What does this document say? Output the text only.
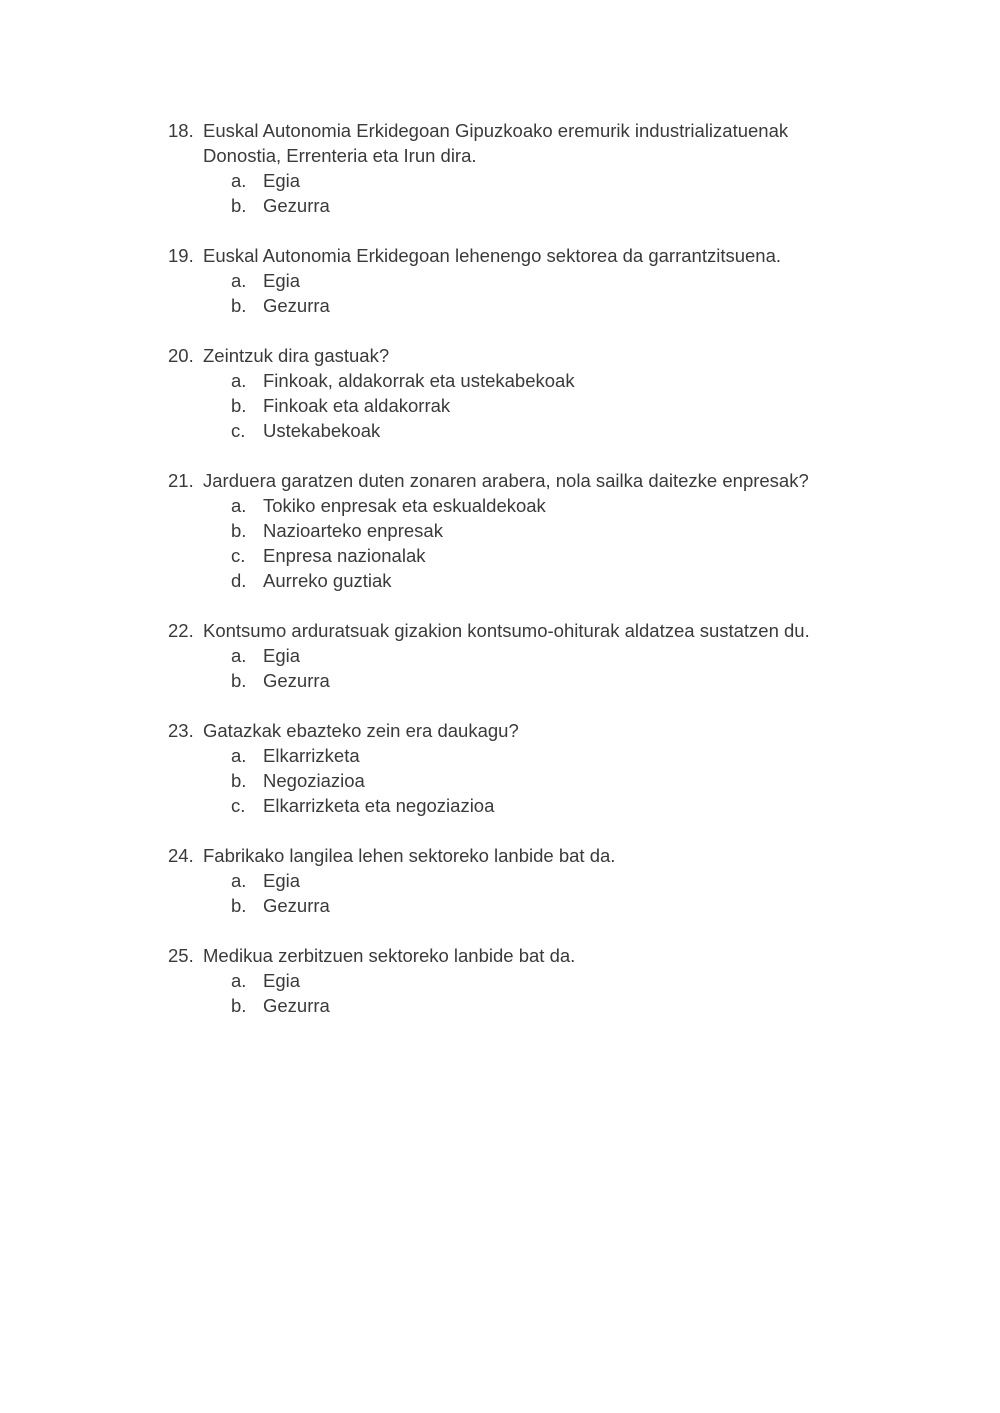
18. Euskal Autonomia Erkidegoan Gipuzkoako eremurik industrializatuenak Donostia, Errenteria eta Irun dira.
a. Egia
b. Gezurra
19. Euskal Autonomia Erkidegoan lehenengo sektorea da garrantzitsuena.
a. Egia
b. Gezurra
20. Zeintzuk dira gastuak?
a. Finkoak, aldakorrak eta ustekabekoak
b. Finkoak eta aldakorrak
c. Ustekabekoak
21. Jarduera garatzen duten zonaren arabera, nola sailka daitezke enpresak?
a. Tokiko enpresak eta eskualdekoak
b. Nazioarteko enpresak
c. Enpresa nazionalak
d. Aurreko guztiak
22. Kontsumo arduratsuak gizakion kontsumo-ohiturak aldatzea sustatzen du.
a. Egia
b. Gezurra
23. Gatazkak ebazteko zein era daukagu?
a. Elkarrizketa
b. Negoziazioa
c. Elkarrizketa eta negoziazioa
24. Fabrikako langilea lehen sektoreko lanbide bat da.
a. Egia
b. Gezurra
25. Medikua zerbitzuen sektoreko lanbide bat da.
a. Egia
b. Gezurra
